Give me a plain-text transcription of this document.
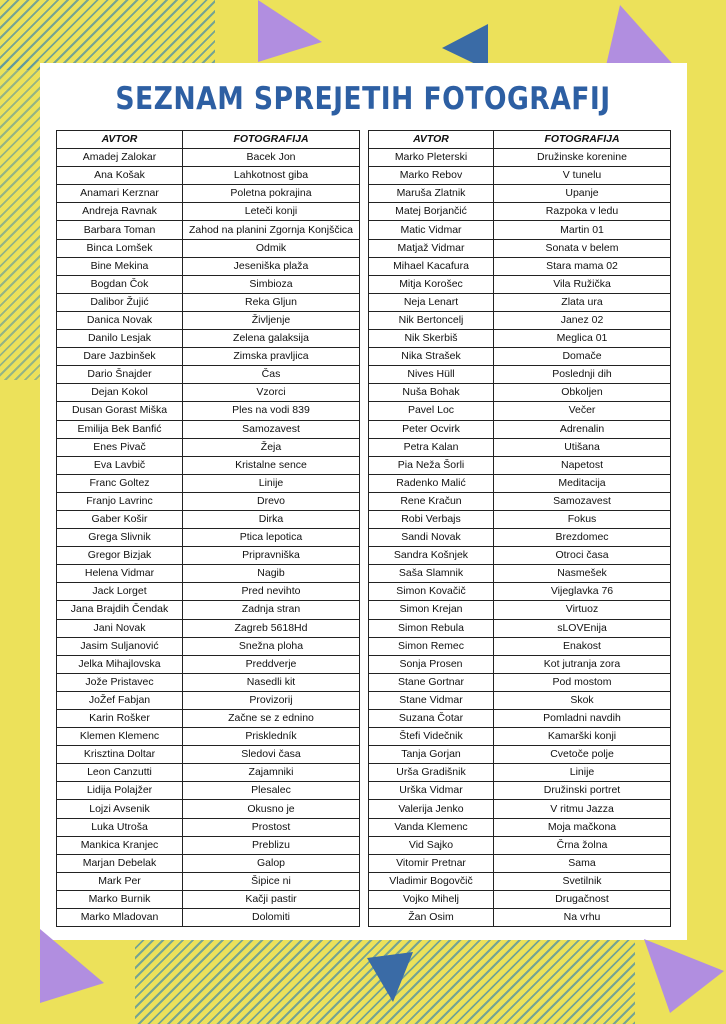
SEZNAM SPREJETIH FOTOGRAFIJ
AVTOR	FOTOGRAFIJA
Amadej Zalokar	Bacek Jon
Ana Košak	Lahkotnost giba
Anamari Kerznar	Poletna pokrajina
Andreja Ravnak	Leteči konji
Barbara Toman	Zahod na planini Zgornja Konjščica
Binca Lomšek	Odmik
Bine Mekina	Jeseniška plaža
Bogdan Čok	Simbioza
Dalibor Žujić	Reka Gljun
Danica Novak	Življenje
Danilo Lesjak	Zelena galaksija
Dare Jazbinšek	Zimska pravljica
Dario Šnajder	Čas
Dejan Kokol	Vzorci
Dusan Gorast Miška	Ples na vodi 839
Emilija Bek Banfić	Samozavest
Enes Pivač	Žeja
Eva Lavbič	Kristalne sence
Franc Goltez	Linije
Franjo Lavrinc	Drevo
Gaber Košir	Dirka
Grega Slivnik	Ptica lepotica
Gregor Bizjak	Pripravniška
Helena Vidmar	Nagib
Jack Lorget	Pred nevihto
Jana Brajdih Čendak	Zadnja stran
Jani Novak	Zagreb 5618Hd
Jasim Suljanović	Snežna ploha
Jelka Mihajlovska	Preddverje
Jože Pristavec	Nasedli kit
JoŽef Fabjan	Provizorij
Karin Rošker	Začne se z ednino
Klemen Klemenc	Priskledník
Krisztina Doltar	Sledovi časa
Leon Canzutti	Zajamniki
Lidija Polajžer	Plesalec
Lojzi Avsenik	Okusno je
Luka Utroša	Prostost
Mankica Kranjec	Preblizu
Marjan Debelak	Galop
Mark Per	Šipice ni
Marko Burnik	Kačji pastir
Marko Mladovan	Dolomiti
AVTOR	FOTOGRAFIJA
Marko Pleterski	Družinske korenine
Marko Rebov	V tunelu
Maruša Zlatnik	Upanje
Matej Borjančić	Razpoka v ledu
Matic Vidmar	Martin 01
Matjaž Vidmar	Sonata v belem
Mihael Kacafura	Stara mama 02
Mitja Korošec	Vila Ružička
Neja Lenart	Zlata ura
Nik Bertoncelj	Janez 02
Nik Skerbiš	Meglica 01
Nika Strašek	Domače
Nives Hüll	Poslednji dih
Nuša Bohak	Obkoljen
Pavel Loc	Večer
Peter Ocvirk	Adrenalin
Petra Kalan	Utišana
Pia Neža Šorli	Napetost
Radenko Malić	Meditacija
Rene Kračun	Samozavest
Robi Verbajs	Fokus
Sandi Novak	Brezdomec
Sandra Košnjek	Otroci časa
Saša Slamnik	Nasmešek
Simon Kovačič	Vijeglavka 76
Simon Krejan	Virtuoz
Simon Rebula	sLOVEnija
Simon Remec	Enakost
Sonja Prosen	Kot jutranja zora
Stane Gortnar	Pod mostom
Stane Vidmar	Skok
Suzana Čotar	Pomladni navdih
Štefi Videčnik	Kamarški konji
Tanja Gorjan	Cvetoče polje
Urša Gradišnik	Linije
Urška Vidmar	Družinski portret
Valerija Jenko	V ritmu Jazza
Vanda Klemenc	Moja mačkona
Vid Sajko	Črna žolna
Vitomir Pretnar	Sama
Vladimir Bogovčič	Svetilnik
Vojko Mihelj	Drugačnost
Žan Osim	Na vrhu
